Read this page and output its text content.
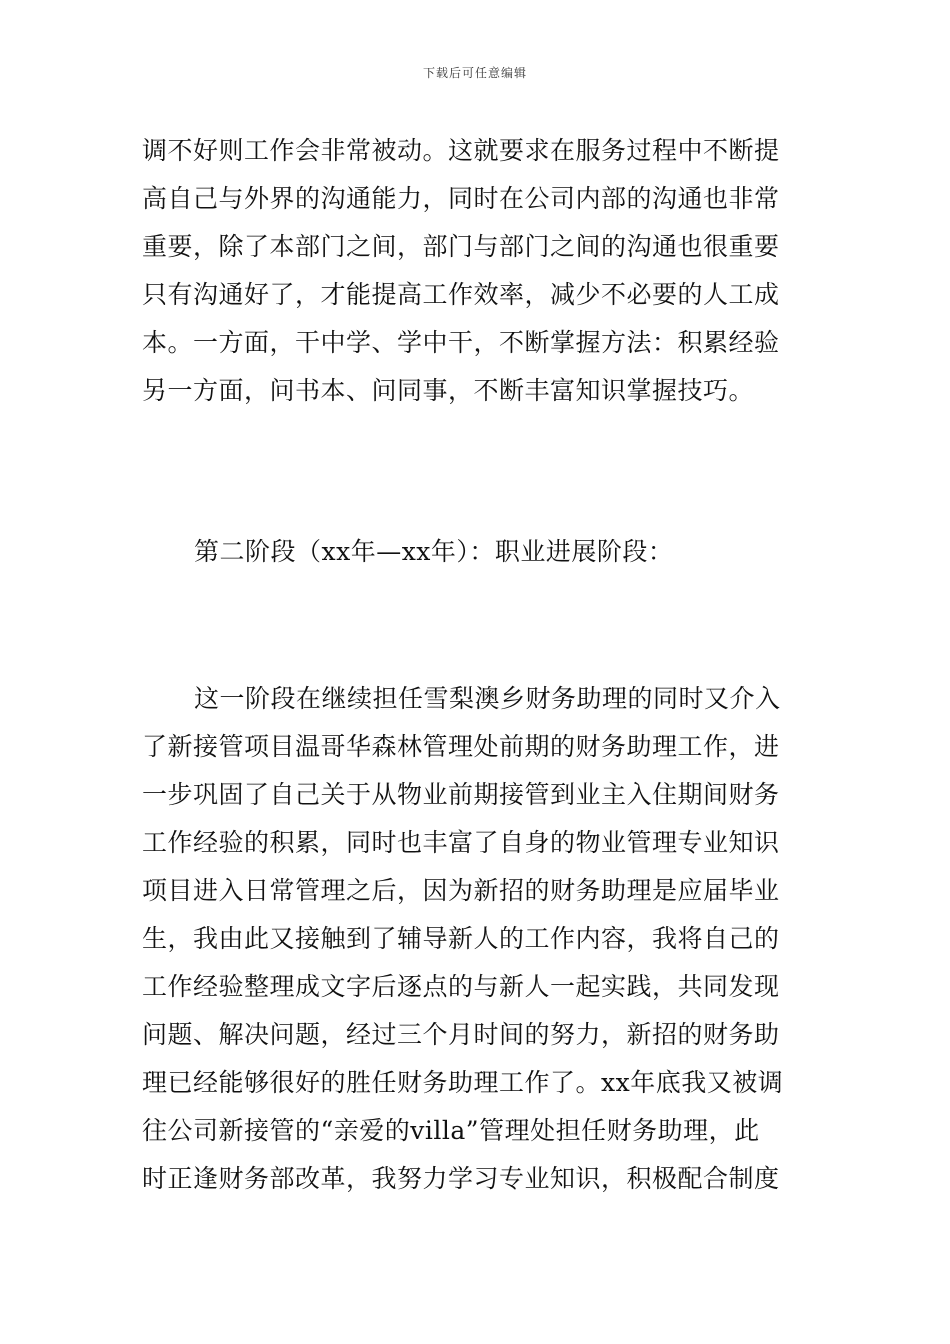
下载后可任意编辑
调不好则工作会非常被动。这就要求在服务过程中不断提
高自己与外界的沟通能力，同时在公司内部的沟通也非常
重要，除了本部门之间，部门与部门之间的沟通也很重要
只有沟通好了，才能提高工作效率，减少不必要的人工成
本。一方面，干中学、学中干，不断掌握方法：积累经验
另一方面，问书本、问同事，不断丰富知识掌握技巧。
第二阶段（xx年—xx年）：职业进展阶段：
这一阶段在继续担任雪梨澳乡财务助理的同时又介入
了新接管项目温哥华森林管理处前期的财务助理工作，进
一步巩固了自己关于从物业前期接管到业主入住期间财务
工作经验的积累，同时也丰富了自身的物业管理专业知识
项目进入日常管理之后，因为新招的财务助理是应届毕业
生，我由此又接触到了辅导新人的工作内容，我将自己的
工作经验整理成文字后逐点的与新人一起实践，共同发现
问题、解决问题，经过三个月时间的努力，新招的财务助
理已经能够很好的胜任财务助理工作了。xx年底我又被调
往公司新接管的“亲爱的villa”管理处担任财务助理，此
时正逢财务部改革，我努力学习专业知识，积极配合制度
